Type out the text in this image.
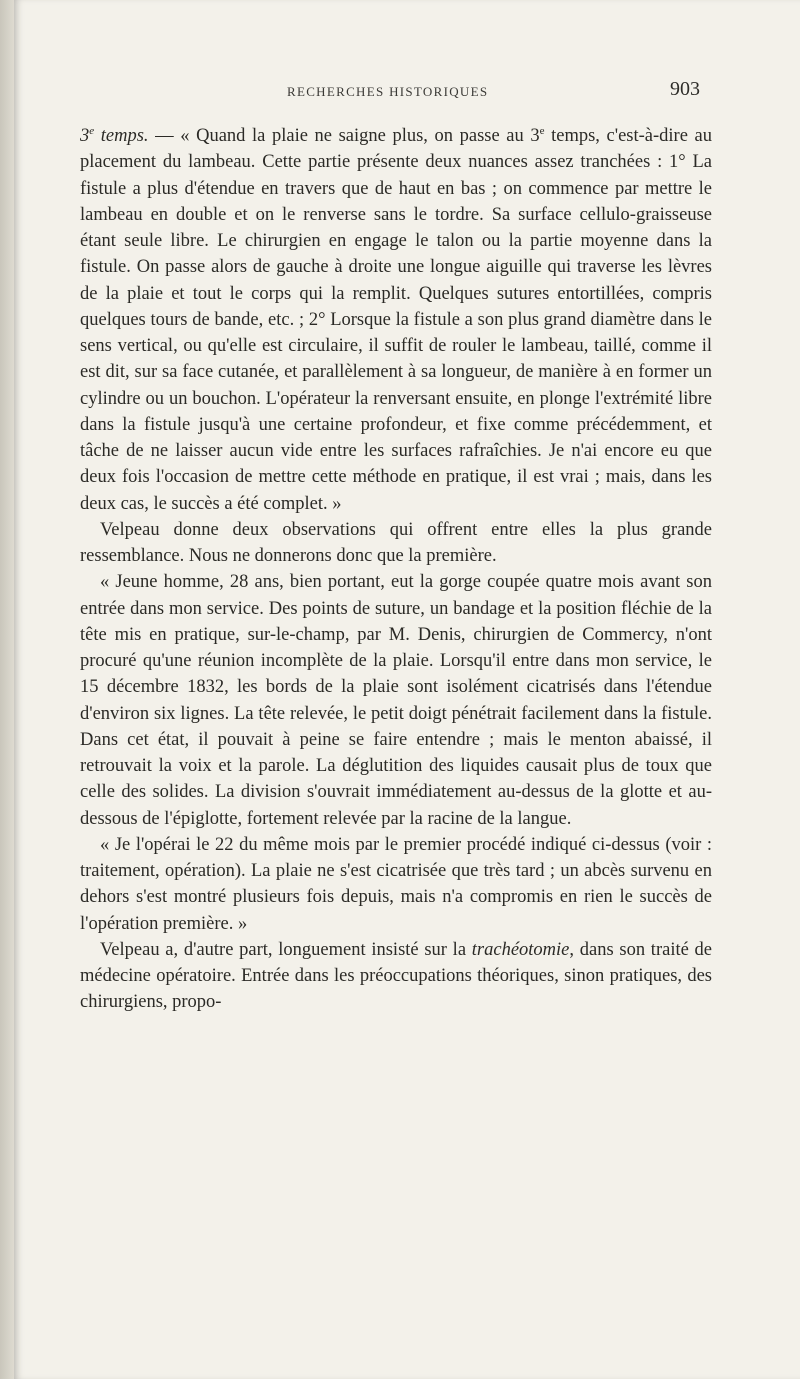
RECHERCHES HISTORIQUES	903

3e temps. — « Quand la plaie ne saigne plus, on passe au 3e temps, c'est-à-dire au placement du lambeau. Cette partie présente deux nuances assez tranchées : 1° La fistule a plus d'étendue en travers que de haut en bas ; on commence par mettre le lambeau en double et on le renverse sans le tordre. Sa surface cellulo-graisseuse étant seule libre. Le chirurgien en engage le talon ou la partie moyenne dans la fistule. On passe alors de gauche à droite une longue aiguille qui traverse les lèvres de la plaie et tout le corps qui la remplit. Quelques sutures entortillées, compris quelques tours de bande, etc. ; 2° Lorsque la fistule a son plus grand diamètre dans le sens vertical, ou qu'elle est circulaire, il suffit de rouler le lambeau, taillé, comme il est dit, sur sa face cutanée, et parallèlement à sa longueur, de manière à en former un cylindre ou un bouchon. L'opérateur la renversant ensuite, en plonge l'extrémité libre dans la fistule jusqu'à une certaine profondeur, et fixe comme précédemment, et tâche de ne laisser aucun vide entre les surfaces rafraîchies. Je n'ai encore eu que deux fois l'occasion de mettre cette méthode en pratique, il est vrai ; mais, dans les deux cas, le succès a été complet. »

Velpeau donne deux observations qui offrent entre elles la plus grande ressemblance. Nous ne donnerons donc que la première.

« Jeune homme, 28 ans, bien portant, eut la gorge coupée quatre mois avant son entrée dans mon service. Des points de suture, un bandage et la position fléchie de la tête mis en pratique, sur-le-champ, par M. Denis, chirurgien de Commercy, n'ont procuré qu'une réunion incomplète de la plaie. Lorsqu'il entre dans mon service, le 15 décembre 1832, les bords de la plaie sont isolément cicatrisés dans l'étendue d'environ six lignes. La tête relevée, le petit doigt pénétrait facilement dans la fistule. Dans cet état, il pouvait à peine se faire entendre ; mais le menton abaissé, il retrouvait la voix et la parole. La déglutition des liquides causait plus de toux que celle des solides. La division s'ouvrait immédiatement au-dessus de la glotte et au-dessous de l'épiglotte, fortement relevée par la racine de la langue.

« Je l'opérai le 22 du même mois par le premier procédé indiqué ci-dessus (voir : traitement, opération). La plaie ne s'est cicatrisée que très tard ; un abcès survenu en dehors s'est montré plusieurs fois depuis, mais n'a compromis en rien le succès de l'opération première. »

Velpeau a, d'autre part, longuement insisté sur la trachéotomie, dans son traité de médecine opératoire. Entrée dans les préoccupations théoriques, sinon pratiques, des chirurgiens, propo-
